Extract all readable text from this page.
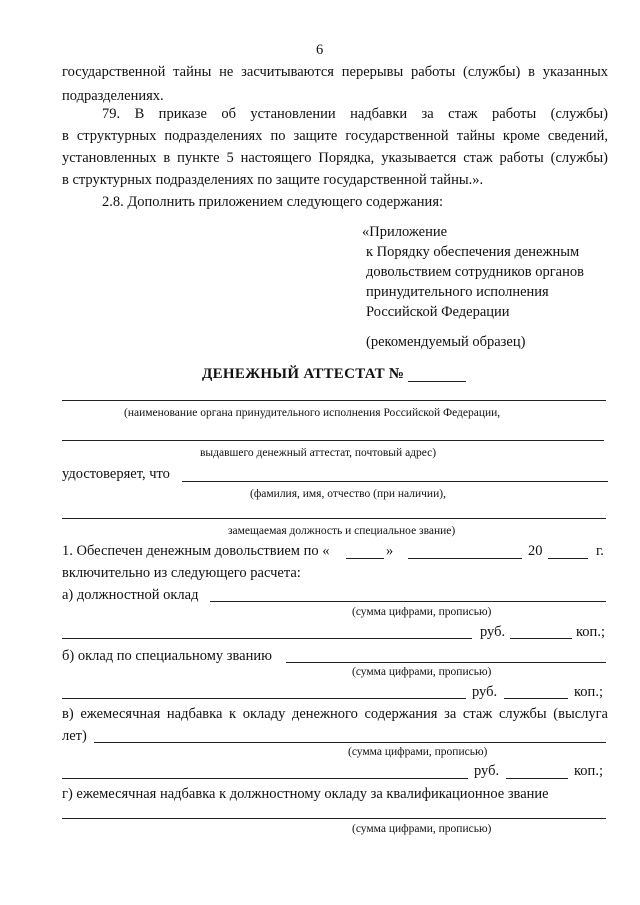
6
государственной тайны не засчитываются перерывы работы (службы) в указанных
подразделениях.
79. В приказе об установлении надбавки за стаж работы (службы)
в структурных подразделениях по защите государственной тайны кроме сведений,
установленных в пункте 5 настоящего Порядка, указывается стаж работы (службы)
в структурных подразделениях по защите государственной тайны.».
2.8. Дополнить приложением следующего содержания:
«Приложение
к Порядку обеспечения денежным
довольствием сотрудников органов
принудительного исполнения
Российской Федерации
(рекомендуемый образец)
ДЕНЕЖНЫЙ АТТЕСТАТ №
(наименование органа принудительного исполнения Российской Федерации,
выдавшего денежный аттестат, почтовый адрес)
удостоверяет, что
(фамилия, имя, отчество (при наличии),
замещаемая должность и специальное звание)
1. Обеспечен денежным довольствием по «	»	20	г.
включительно из следующего расчета:
а) должностной оклад
(сумма цифрами, прописью)
руб.	коп.;
б) оклад по специальному званию
(сумма цифрами, прописью)
руб.	коп.;
в) ежемесячная надбавка к окладу денежного содержания за стаж службы (выслуга
лет)
(сумма цифрами, прописью)
руб.	коп.;
г) ежемесячная надбавка к должностному окладу за квалификационное звание
(сумма цифрами, прописью)
